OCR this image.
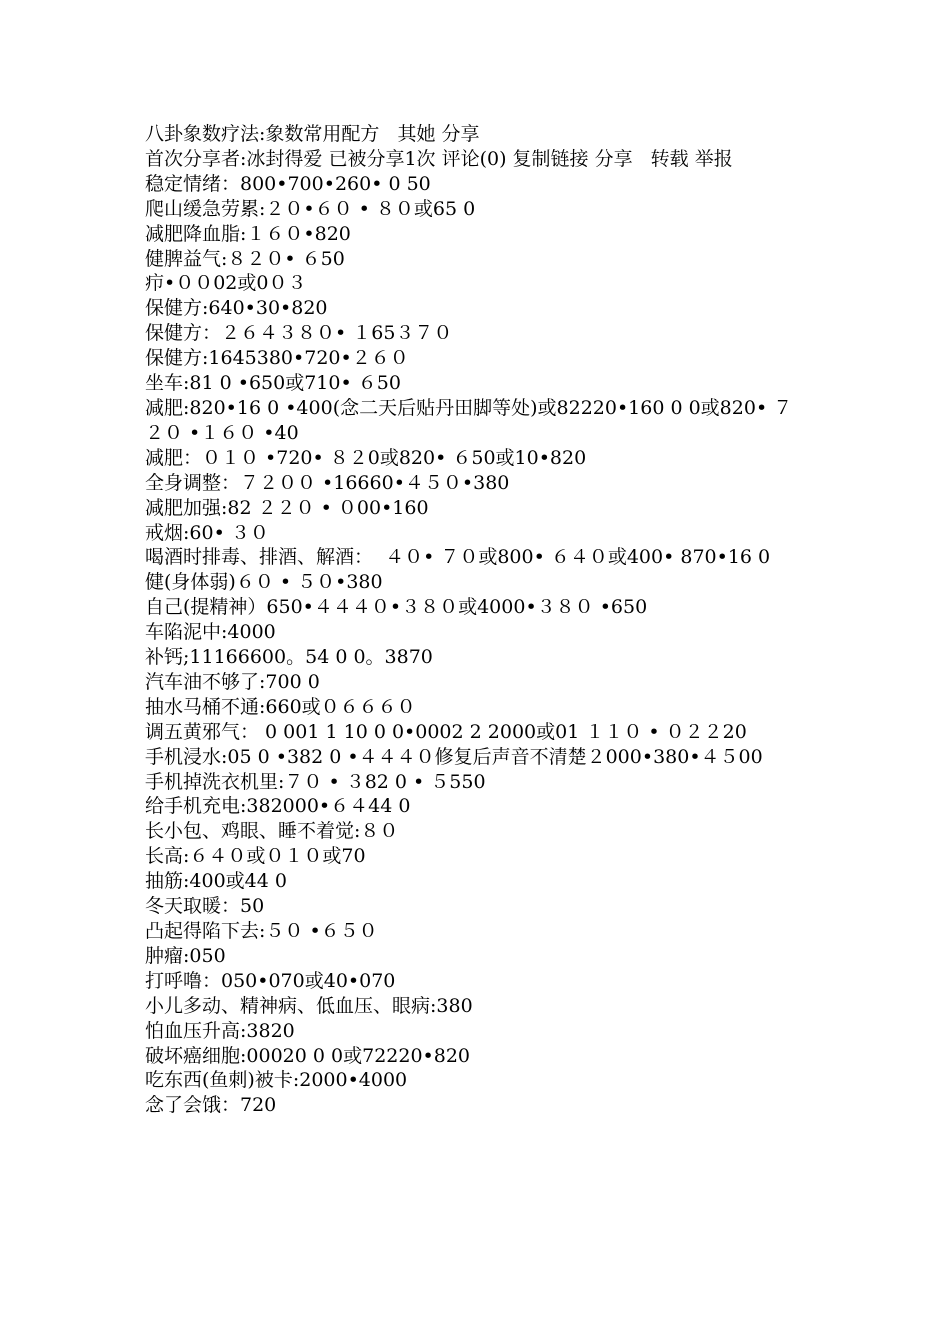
八卦象数疗法:象数常用配方   其她 分享

首次分享者:冰封得爱 已被分享1次 评论(0) 复制链接 分享   转载 举报

稳定情绪：800•700•260• 0 50

爬山缓急劳累:２０•６０ • ８０或65 0

减肥降血脂:１６０•820

健脾益气:８２０• ６50

疖•００02或0０３

保健方:640•30•820

保健方：２６４３８０• １65３７０

保健方:1645380•720•２６０

坐车:81 0 •650或710• ６50

减肥:820•16 0 •400(念二天后贴丹田脚等处)或82220•160 0 0或820• ７２０ •１６０ •40

减肥：０１０ •720• ８２0或820• ６50或10•820

全身调整：７２００ •16660•４５０•380

减肥加强:82 ２２０ • ０00•160

戒烟:60• ３０

喝酒时排毒、排酒、解酒：  ４０• ７０或800• ６４０或400• 870•16 0

健(身体弱)６０ • ５０•380

自己(提精神）650•４４４０•３８０或4000•３８０ •650

车陷泥中:4000

补钙;11166600。54 0 0。3870

汽车油不够了:700 0

抽水马桶不通:660或０６６６０

调五黄邪气： 0 001 1 10 0 0•0002 2 2000或01 １１０ • ０２２20

手机浸水:05 0 •382 0 •４４４０修复后声音不清楚２000•380•４５00

手机掉洗衣机里:７０ • ３82 0 • ５550

给手机充电:382000•６４44 0

长小包、鸡眼、睡不着觉:８０

长高:６４０或０１０或70

抽筋:400或44 0

冬天取暖：50

凸起得陷下去:５０ •６５０

肿瘤:050

打呼噜：050•070或40•070

小儿多动、精神病、低血压、眼病:380

怕血压升高:3820

破坏癌细胞:00020 0 0或72220•820

吃东西(鱼刺)被卡:2000•4000

念了会饿：720
